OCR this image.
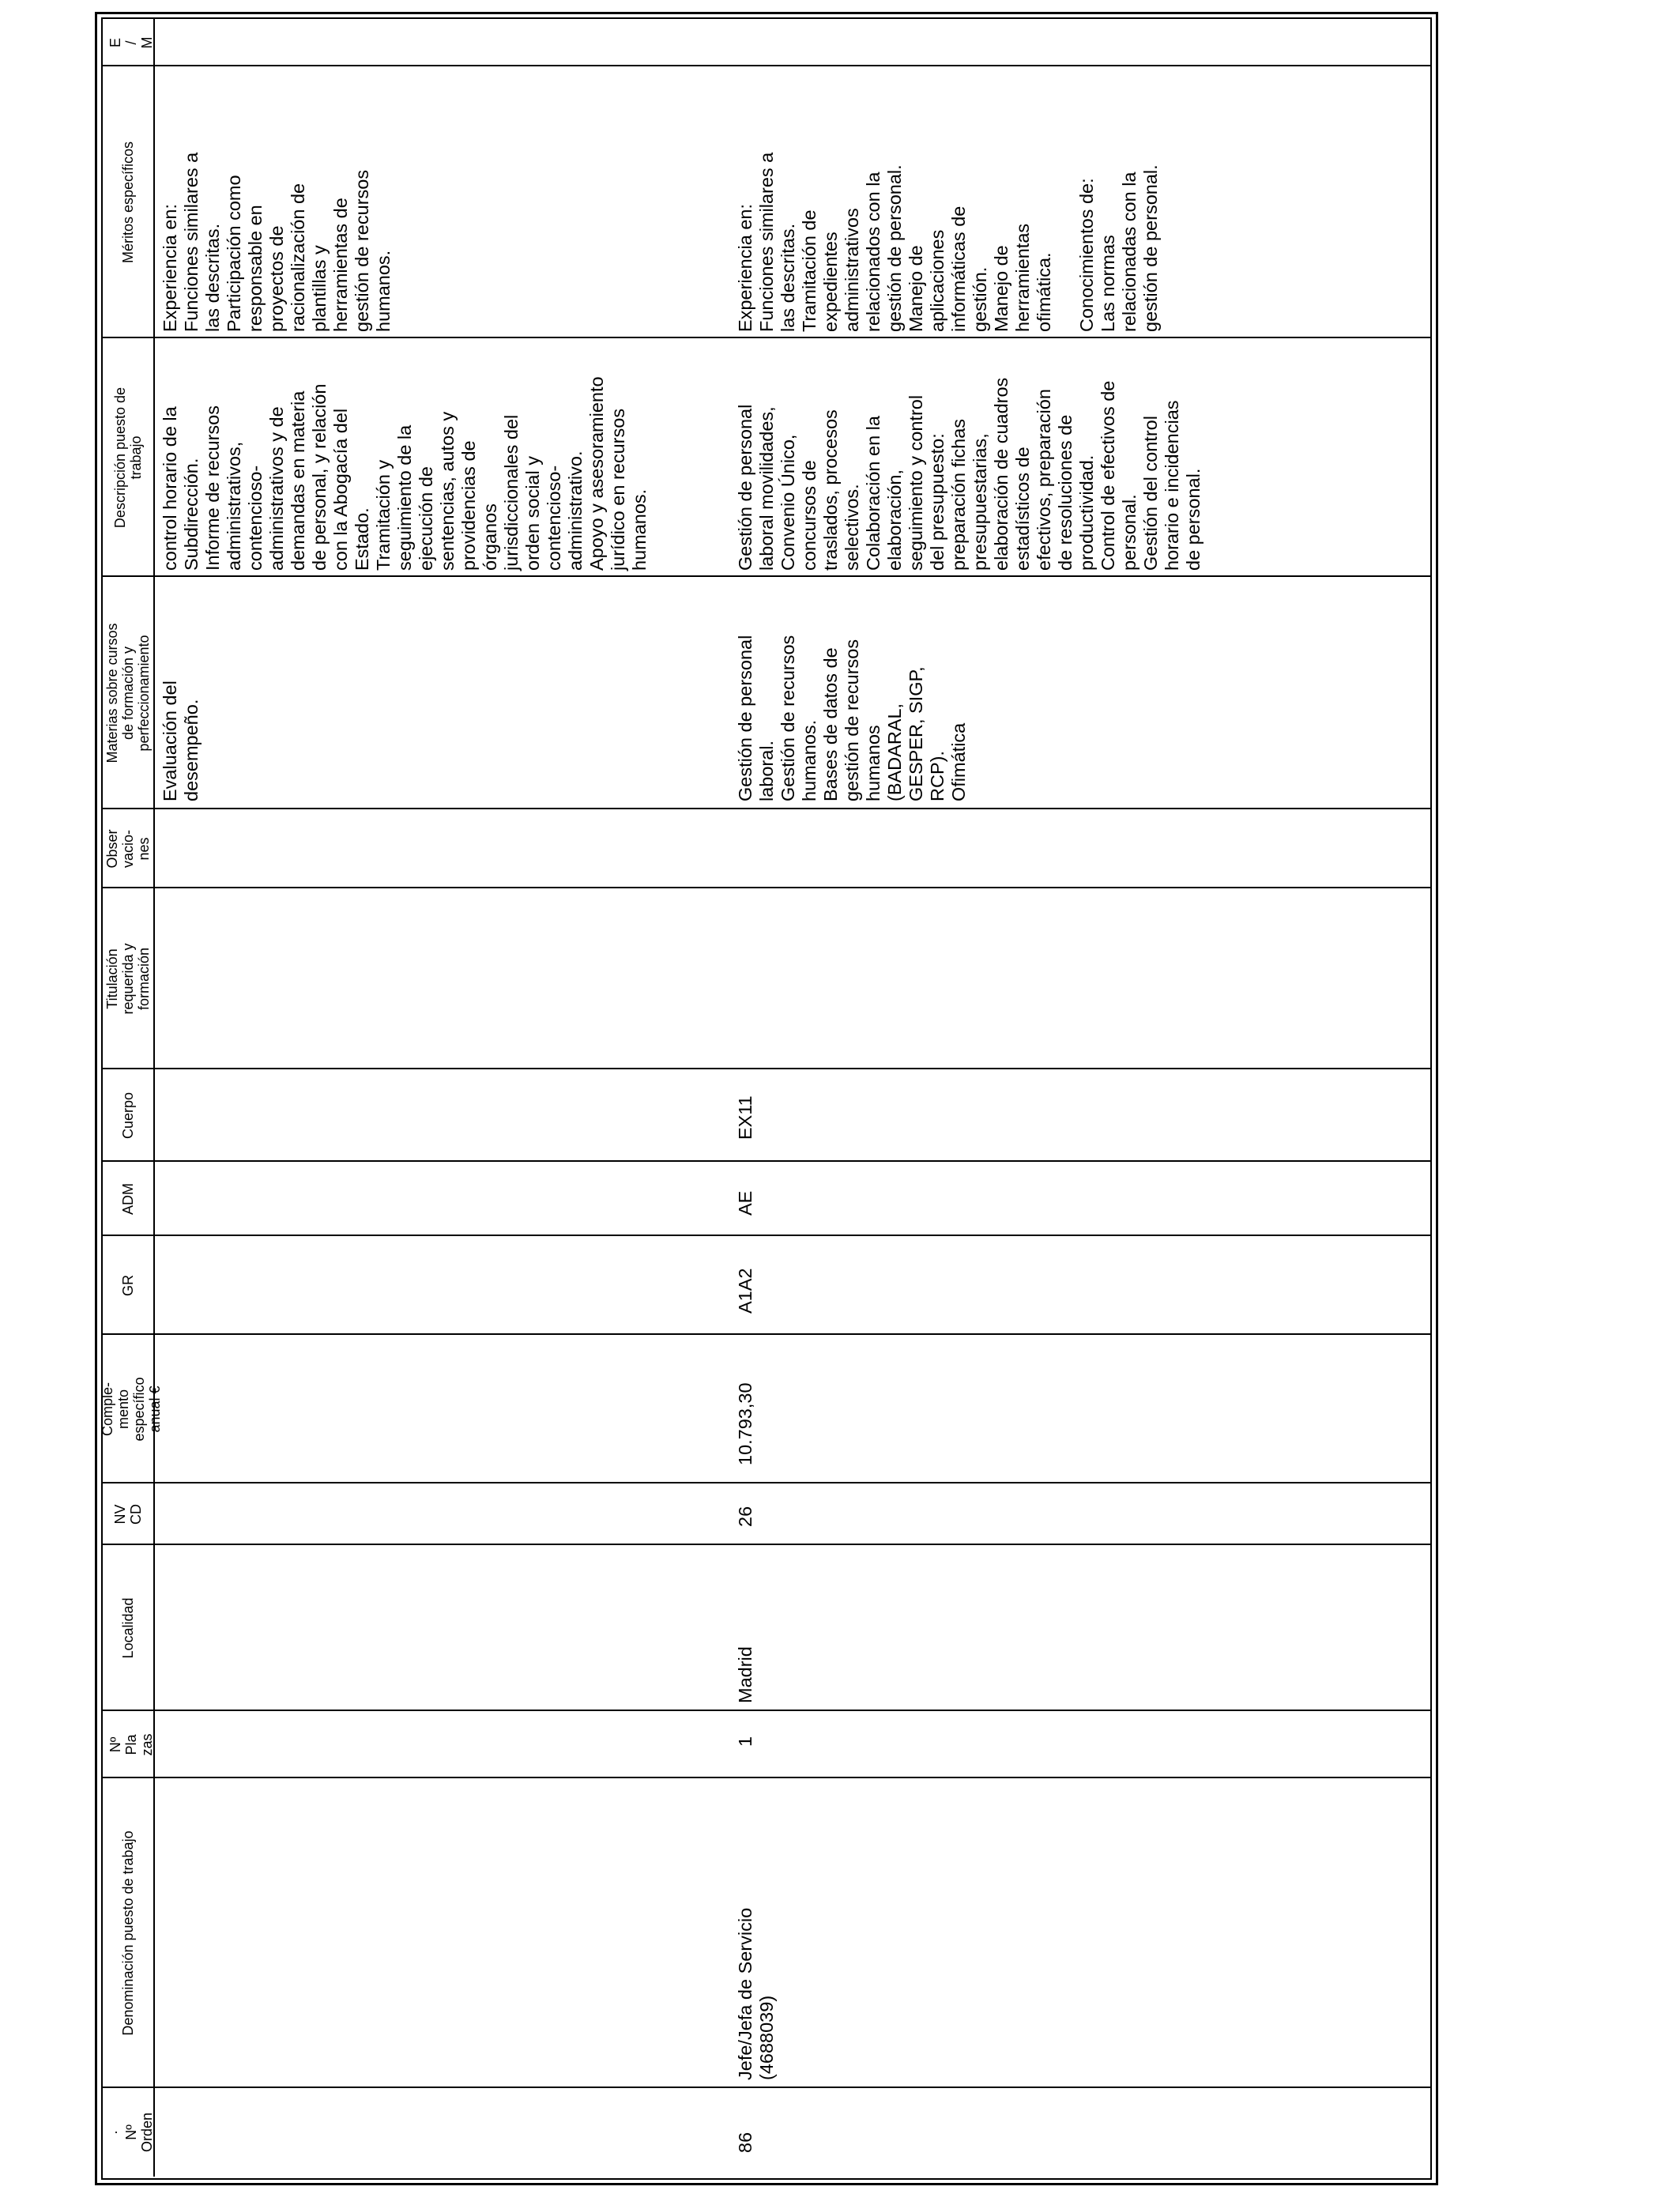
·
Nº
Orden
Denominación puesto de trabajo
Nº
Pla
zas
Localidad
NV
CD
Comple-
mento
específico
anual €
GR
ADM
Cuerpo
Titulación
requerida y
formación
Obser
vacio-
nes
Materias sobre cursos
de formación y
perfeccionamiento
Descripción puesto de
trabajo
Méritos específicos
E
/
M
Evaluación del
desempeño.
control horario de la
Subdirección.
Informe de recursos
administrativos,
contencioso-
administrativos y de
demandas en materia
de personal, y relación
con la Abogacía del
Estado.
Tramitación y
seguimiento de la
ejecución de
sentencias, autos y
providencias de
órganos
jurisdiccionales del
orden social y
contencioso-
administrativo.
Apoyo y asesoramiento
jurídico en recursos
humanos.
Experiencia en:
Funciones similares a
las descritas.
Participación como
responsable en
proyectos de
racionalización de
plantillas y
herramientas de
gestión de recursos
humanos.
86
Jefe/Jefa de Servicio
(4688039)
1
Madrid
26
10.793,30
A1A2
AE
EX11
Gestión de personal
laboral.
Gestión de recursos
humanos.
Bases de datos de
gestión de recursos
humanos
(BADARAL,
GESPER, SIGP,
RCP).
Ofimática
Gestión de personal
laboral movilidades,
Convenio Único,
concursos de
traslados, procesos
selectivos.
Colaboración en la
elaboración,
seguimiento y control
del presupuesto:
preparación fichas
presupuestarias,
elaboración de cuadros
estadísticos de
efectivos, preparación
de resoluciones de
productividad.
Control de efectivos de
personal.
Gestión del control
horario e incidencias
de personal.
Experiencia en:
Funciones similares a
las descritas.
Tramitación de
expedientes
administrativos
relacionados con la
gestión de personal.
Manejo de
aplicaciones
informáticas de
gestión.
Manejo de
herramientas
ofimática.

Conocimientos de:
Las normas
relacionadas con la
gestión de personal.
